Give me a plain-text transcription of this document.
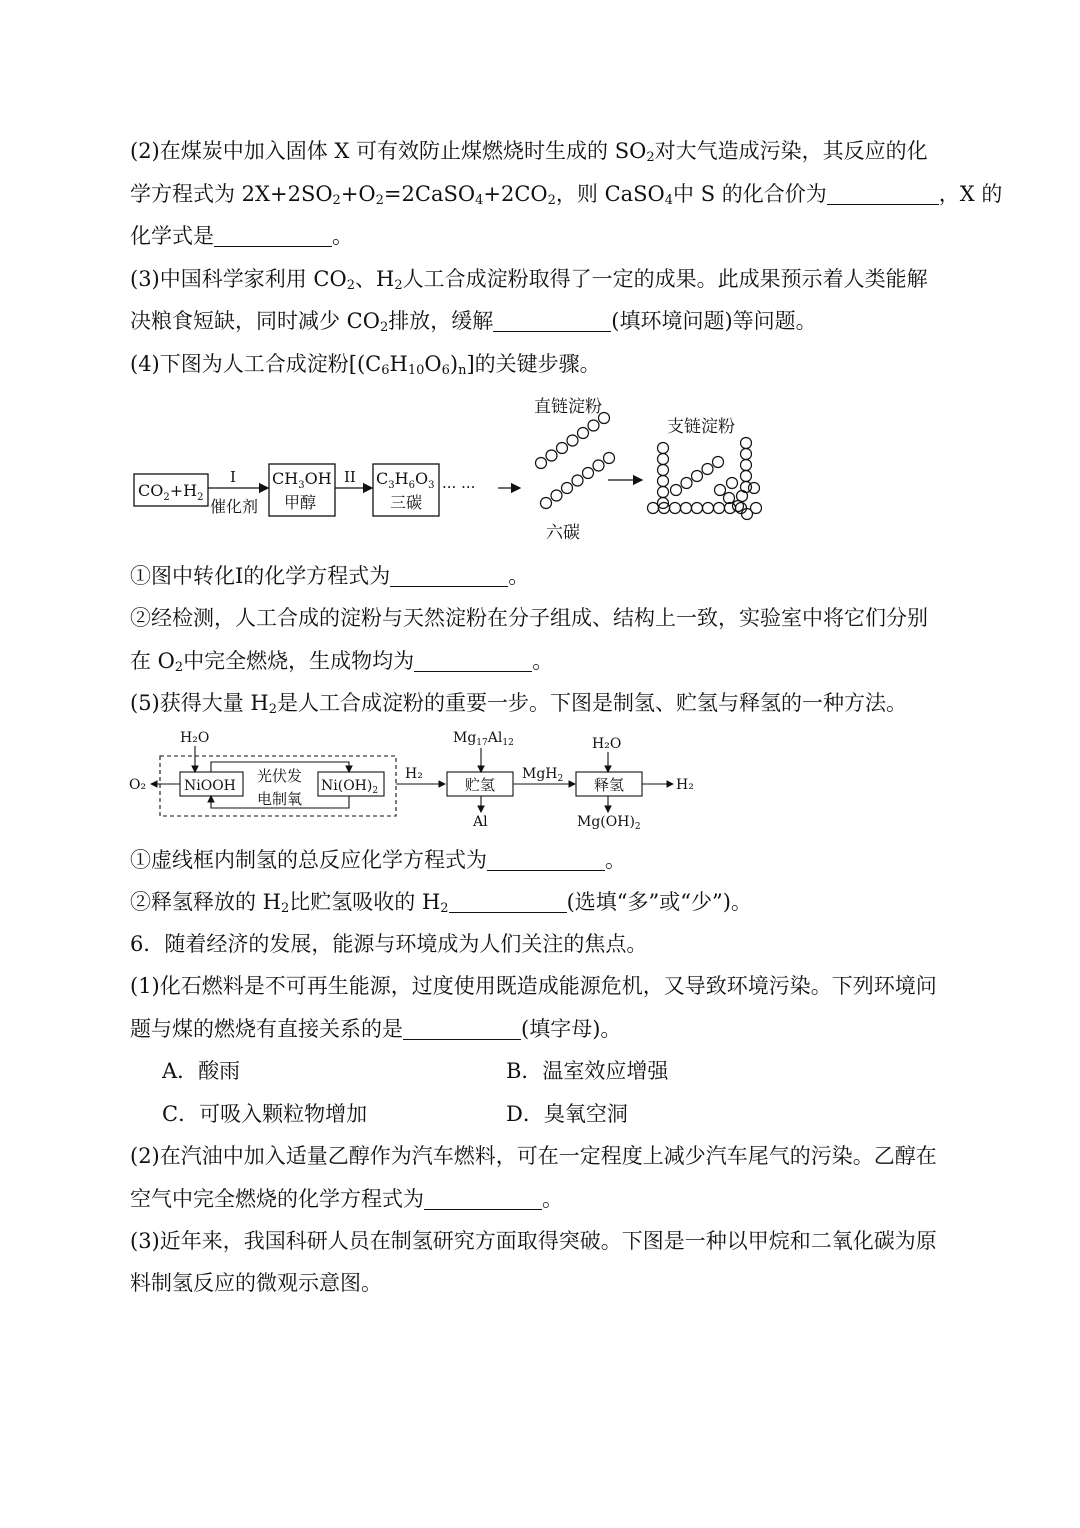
(2)在煤炭中加入固体 X 可有效防止煤燃烧时生成的 $SO_2$对大气造成污染，其反应的化
学方程式为 $2X+2SO_2+O_2=2CaSO_4+2CO_2$，则 CaSO$_4$中 S 的化合价为	，X 的
化学式是	。
(3)中国科学家利用 $CO_2$、$H_2$人工合成淀粉取得了一定的成果。此成果预示着人类能解
决粮食短缺，同时减少 $CO_2$排放，缓解	(填环境问题)等问题。
(4)下图为人工合成淀粉$[(C_6H_{10}O_6)_n]$的关键步骤。
$CO_2+H_2$
I
催化剂
$CH_3OH$
甲醇
II $C_3H_6O_3$
三碳
··· ···
直链淀粉
六碳
支链淀粉
①图中转化I的化学方程式为	。
②经检测，人工合成的淀粉与天然淀粉在分子组成、结构上一致，实验室中将它们分别
在 $O_2$中完全燃烧，生成物均为	。
(5)获得大量 $H_2$是人工合成淀粉的重要一步。下图是制氢、贮氢与释氢的一种方法。
H₂O
NiOOH
O₂	光伏发
电制氧
$Ni(OH)_2$
H₂
$Mg_{17}Al_{12}$
贮氢
Al
MgH$_2$
H₂O
释氢	H₂
$Mg(OH)_2$
①虚线框内制氢的总反应化学方程式为	。
②释氢释放的 $H_2$比贮氢吸收的 $H_2$	(选填“多”或“少”)。
6．随着经济的发展，能源与环境成为人们关注的焦点。
(1)化石燃料是不可再生能源，过度使用既造成能源危机，又导致环境污染。下列环境问
题与煤的燃烧有直接关系的是	(填字母)。
A．酸雨	B．温室效应增强
C．可吸入颗粒物增加	D．臭氧空洞
(2)在汽油中加入适量乙醇作为汽车燃料，可在一定程度上减少汽车尾气的污染。乙醇在
空气中完全燃烧的化学方程式为	。
(3)近年来，我国科研人员在制氢研究方面取得突破。下图是一种以甲烷和二氧化碳为原
料制氢反应的微观示意图。
